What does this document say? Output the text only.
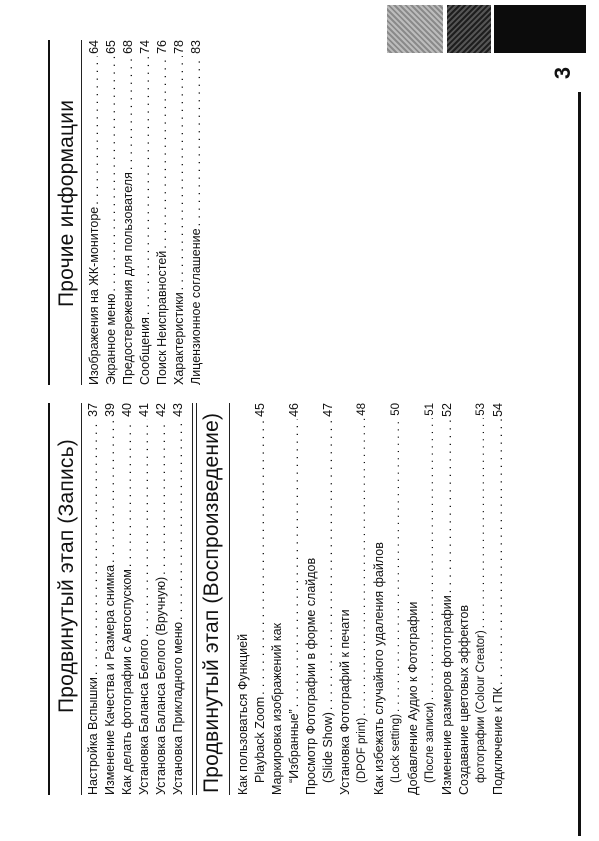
3
Продвинутый этап (Запись)
Настройка Вспышки
. . .
37
Изменение Качества и Размера снимка
. . .
39
Как делать фотографии с Автоспуском
. . .
40
Установка Баланса Белого
. . .
41
Установка Баланса Белого (Вручную)
. . .
42
Установка Прикладного меню
. . .
43
Продвинутый этап (Воспроизведение) Как пользоваться Функцией Playback Zoom
. . .
45
Маркировка изображений как “Избранные”
. . .
46
Просмотр Фотографии в форме слайдов (Slide Show)
. . .
47
Установка Фотографий к печати (DPOF print)
. . .
48
Как избежать случайного удаления файлов (Lock setting)
. . .
50
Добавление Аудио к Фотографии (После записи)
. . .
51
Изменение размеров фотографии
. . .
52
Создавание цветовых эффектов фотографии (Colour Creator)
. . .
53
Подключение к ПК
. . .
54
Прочие информации Изображения на ЖК-мониторе
. . .
64
Экранное меню
. . .
65
Предостережения для пользователя
. . .
68
Сообщения
. . .
74
Поиск Неисправностей
. . .
76
Характеристики
. . .
78
Лицензионное соглашение
. . .
83
